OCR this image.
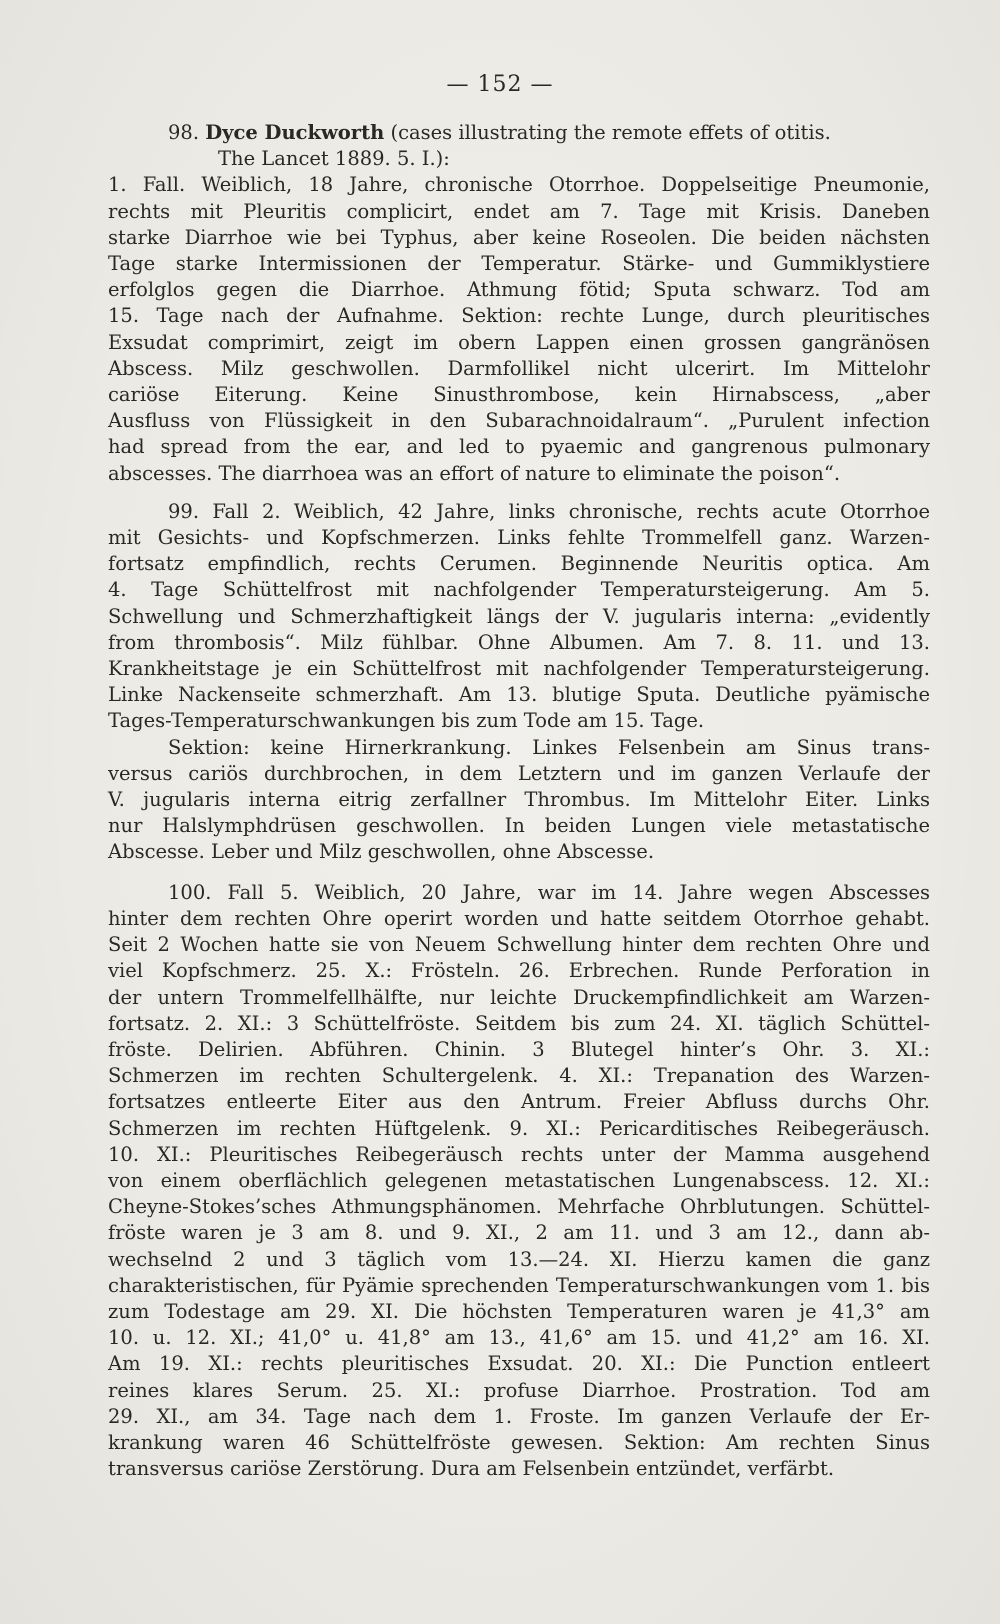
— 152 —
98. Dyce Duckworth (cases illustrating the remote effets of otitis.
The Lancet 1889. 5. I.):
1. Fall. Weiblich, 18 Jahre, chronische Otorrhoe. Doppelseitige Pneumonie,
rechts mit Pleuritis complicirt, endet am 7. Tage mit Krisis. Daneben
starke Diarrhoe wie bei Typhus, aber keine Roseolen. Die beiden nächsten
Tage starke Intermissionen der Temperatur. Stärke- und Gummiklystiere
erfolglos gegen die Diarrhoe. Athmung fötid; Sputa schwarz. Tod am
15. Tage nach der Aufnahme. Sektion: rechte Lunge, durch pleuritisches
Exsudat comprimirt, zeigt im obern Lappen einen grossen gangränösen
Abscess. Milz geschwollen. Darmfollikel nicht ulcerirt. Im Mittelohr
cariöse Eiterung. Keine Sinusthrombose, kein Hirnabscess, „aber
Ausfluss von Flüssigkeit in den Subarachnoidalraum“. „Purulent infection
had spread from the ear, and led to pyaemic and gangrenous pulmonary
abscesses. The diarrhoea was an effort of nature to eliminate the poison“.
99. Fall 2. Weiblich, 42 Jahre, links chronische, rechts acute Otorrhoe
mit Gesichts- und Kopfschmerzen. Links fehlte Trommelfell ganz. Warzen-
fortsatz empfindlich, rechts Cerumen. Beginnende Neuritis optica. Am
4. Tage Schüttelfrost mit nachfolgender Temperatursteigerung. Am 5.
Schwellung und Schmerzhaftigkeit längs der V. jugularis interna: „evidently
from thrombosis“. Milz fühlbar. Ohne Albumen. Am 7. 8. 11. und 13.
Krankheitstage je ein Schüttelfrost mit nachfolgender Temperatursteigerung.
Linke Nackenseite schmerzhaft. Am 13. blutige Sputa. Deutliche pyämische
Tages-Temperaturschwankungen bis zum Tode am 15. Tage.
Sektion: keine Hirnerkrankung. Linkes Felsenbein am Sinus trans-
versus cariös durchbrochen, in dem Letztern und im ganzen Verlaufe der
V. jugularis interna eitrig zerfallner Thrombus. Im Mittelohr Eiter. Links
nur Halslymphdrüsen geschwollen. In beiden Lungen viele metastatische
Abscesse. Leber und Milz geschwollen, ohne Abscesse.
100. Fall 5. Weiblich, 20 Jahre, war im 14. Jahre wegen Abscesses
hinter dem rechten Ohre operirt worden und hatte seitdem Otorrhoe gehabt.
Seit 2 Wochen hatte sie von Neuem Schwellung hinter dem rechten Ohre und
viel Kopfschmerz. 25. X.: Frösteln. 26. Erbrechen. Runde Perforation in
der untern Trommelfellhälfte, nur leichte Druckempfindlichkeit am Warzen-
fortsatz. 2. XI.: 3 Schüttelfröste. Seitdem bis zum 24. XI. täglich Schüttel-
fröste. Delirien. Abführen. Chinin. 3 Blutegel hinter’s Ohr. 3. XI.:
Schmerzen im rechten Schultergelenk. 4. XI.: Trepanation des Warzen-
fortsatzes entleerte Eiter aus den Antrum. Freier Abfluss durchs Ohr.
Schmerzen im rechten Hüftgelenk. 9. XI.: Pericarditisches Reibegeräusch.
10. XI.: Pleuritisches Reibegeräusch rechts unter der Mamma ausgehend
von einem oberflächlich gelegenen metastatischen Lungenabscess. 12. XI.:
Cheyne-Stokes’sches Athmungsphänomen. Mehrfache Ohrblutungen. Schüttel-
fröste waren je 3 am 8. und 9. XI., 2 am 11. und 3 am 12., dann ab-
wechselnd 2 und 3 täglich vom 13.—24. XI. Hierzu kamen die ganz
charakteristischen, für Pyämie sprechenden Temperaturschwankungen vom 1. bis
zum Todestage am 29. XI. Die höchsten Temperaturen waren je 41,3° am
10. u. 12. XI.; 41,0° u. 41,8° am 13., 41,6° am 15. und 41,2° am 16. XI.
Am 19. XI.: rechts pleuritisches Exsudat. 20. XI.: Die Punction entleert
reines klares Serum. 25. XI.: profuse Diarrhoe. Prostration. Tod am
29. XI., am 34. Tage nach dem 1. Froste. Im ganzen Verlaufe der Er-
krankung waren 46 Schüttelfröste gewesen. Sektion: Am rechten Sinus
transversus cariöse Zerstörung. Dura am Felsenbein entzündet, verfärbt.
